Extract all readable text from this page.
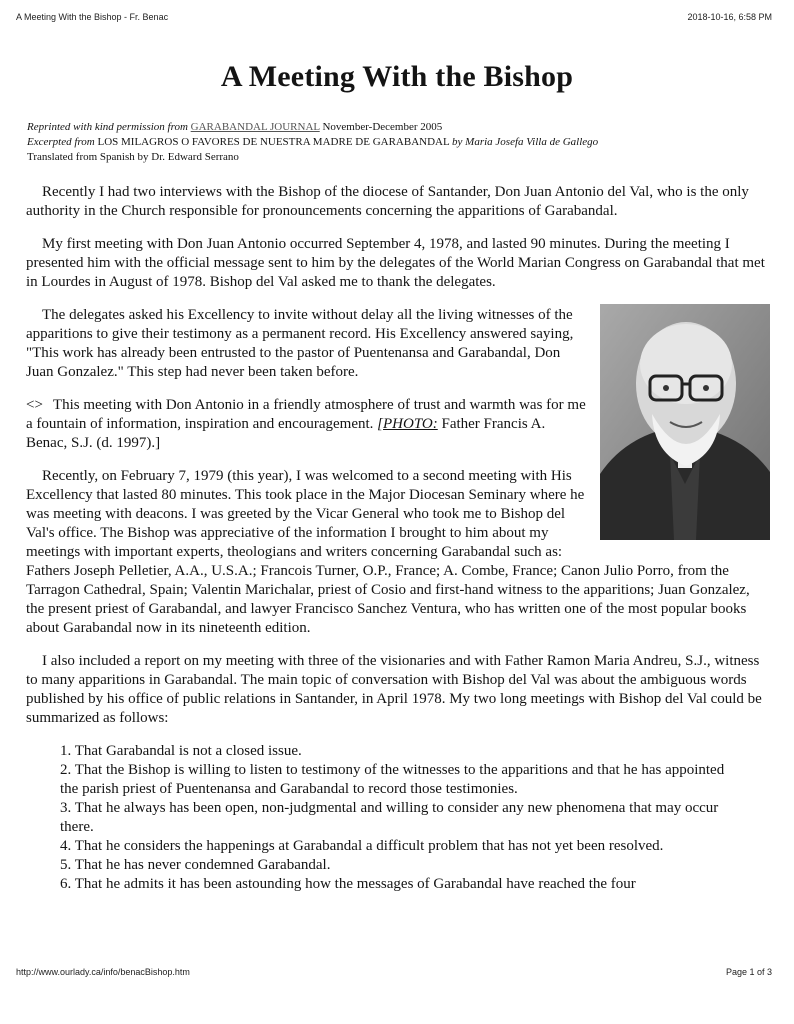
A Meeting With the Bishop - Fr. Benac	2018-10-16, 6:58 PM
A Meeting With the Bishop
Reprinted with kind permission from GARABANDAL JOURNAL November-December 2005
Excerpted from LOS MILAGROS O FAVORES DE NUESTRA MADRE DE GARABANDAL by Maria Josefa Villa de Gallego
Translated from Spanish by Dr. Edward Serrano

Recently I had two interviews with the Bishop of the diocese of Santander, Don Juan Antonio del Val, who is the only authority in the Church responsible for pronouncements concerning the apparitions of Garabandal.

My first meeting with Don Juan Antonio occurred September 4, 1978, and lasted 90 minutes. During the meeting I presented him with the official message sent to him by the delegates of the World Marian Congress on Garabandal that met in Lourdes in August of 1978. Bishop del Val asked me to thank the delegates.

The delegates asked his Excellency to invite without delay all the living witnesses of the apparitions to give their testimony as a permanent record. His Excellency answered saying, "This work has already been entrusted to the pastor of Puentenansa and Garabandal, Don Juan Gonzalez." This step had never been taken before.

<> This meeting with Don Antonio in a friendly atmosphere of trust and warmth was for me a fountain of information, inspiration and encouragement. [PHOTO: Father Francis A. Benac, S.J. (d. 1997).]

Recently, on February 7, 1979 (this year), I was welcomed to a second meeting with His Excellency that lasted 80 minutes. This took place in the Major Diocesan Seminary where he was meeting with deacons. I was greeted by the Vicar General who took me to Bishop del Val's office. The Bishop was appreciative of the information I brought to him about my meetings with important experts, theologians and writers concerning Garabandal such as: Fathers Joseph Pelletier, A.A., U.S.A.; Francois Turner, O.P., France; A. Combe, France; Canon Julio Porro, from the Tarragon Cathedral, Spain; Valentin Marichalar, priest of Cosio and first-hand witness to the apparitions; Juan Gonzalez, the present priest of Garabandal, and lawyer Francisco Sanchez Ventura, who has written one of the most popular books about Garabandal now in its nineteenth edition.

I also included a report on my meeting with three of the visionaries and with Father Ramon Maria Andreu, S.J., witness to many apparitions in Garabandal. The main topic of conversation with Bishop del Val was about the ambiguous words published by his office of public relations in Santander, in April 1978. My two long meetings with Bishop del Val could be summarized as follows:

1. That Garabandal is not a closed issue.
2. That the Bishop is willing to listen to testimony of the witnesses to the apparitions and that he has appointed the parish priest of Puentenansa and Garabandal to record those testimonies.
3. That he always has been open, non-judgmental and willing to consider any new phenomena that may occur there.
4. That he considers the happenings at Garabandal a difficult problem that has not yet been resolved.
5. That he has never condemned Garabandal.
6. That he admits it has been astounding how the messages of Garabandal have reached the four
http://www.ourlady.ca/info/benacBishop.htm	Page 1 of 3
